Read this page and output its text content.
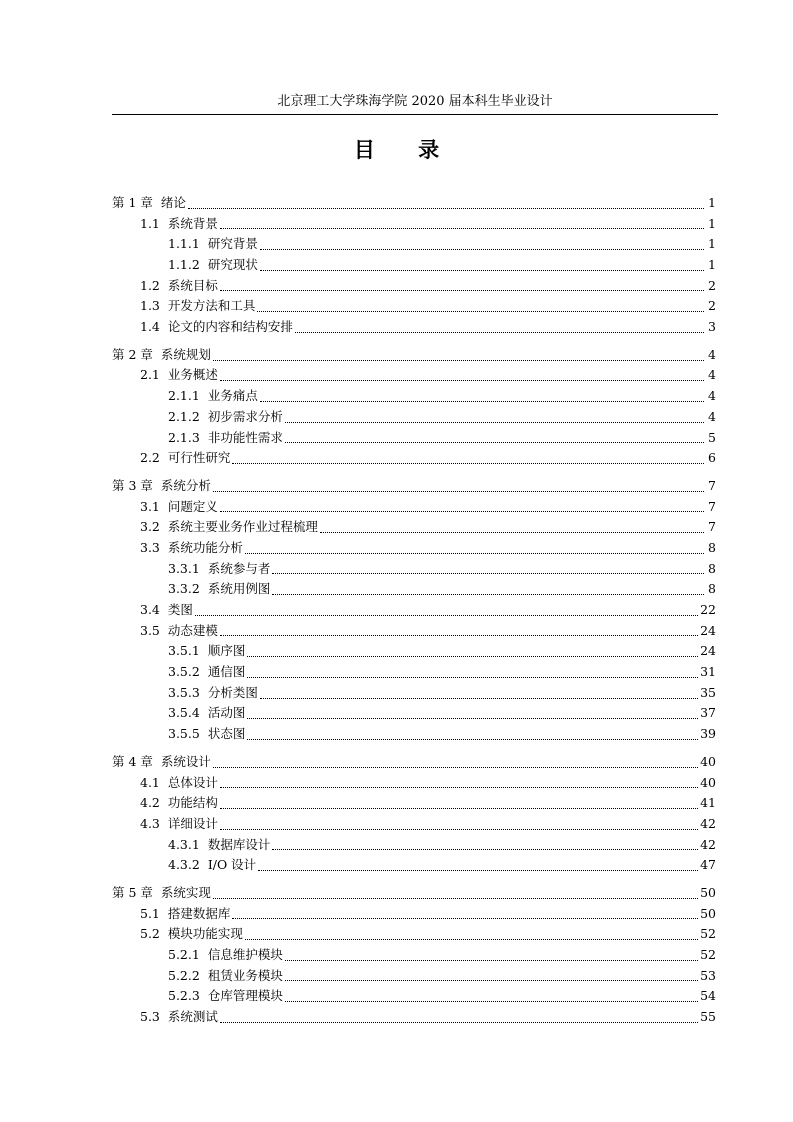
北京理工大学珠海学院 2020 届本科生毕业设计
目 录
第 1 章 绪论	1
1.1 系统背景	1
1.1.1 研究背景	1
1.1.2 研究现状	1
1.2 系统目标	2
1.3 开发方法和工具	2
1.4 论文的内容和结构安排	3
第 2 章 系统规划	4
2.1 业务概述	4
2.1.1 业务痛点	4
2.1.2 初步需求分析	4
2.1.3 非功能性需求	5
2.2 可行性研究	6
第 3 章 系统分析	7
3.1 问题定义	7
3.2 系统主要业务作业过程梳理	7
3.3 系统功能分析	8
3.3.1 系统参与者	8
3.3.2 系统用例图	8
3.4 类图	22
3.5 动态建模	24
3.5.1 顺序图	24
3.5.2 通信图	31
3.5.3 分析类图	35
3.5.4 活动图	37
3.5.5 状态图	39
第 4 章 系统设计	40
4.1 总体设计	40
4.2 功能结构	41
4.3 详细设计	42
4.3.1 数据库设计	42
4.3.2 I/O 设计	47
第 5 章 系统实现	50
5.1 搭建数据库	50
5.2 模块功能实现	52
5.2.1 信息维护模块	52
5.2.2 租赁业务模块	53
5.2.3 仓库管理模块	54
5.3 系统测试	55
